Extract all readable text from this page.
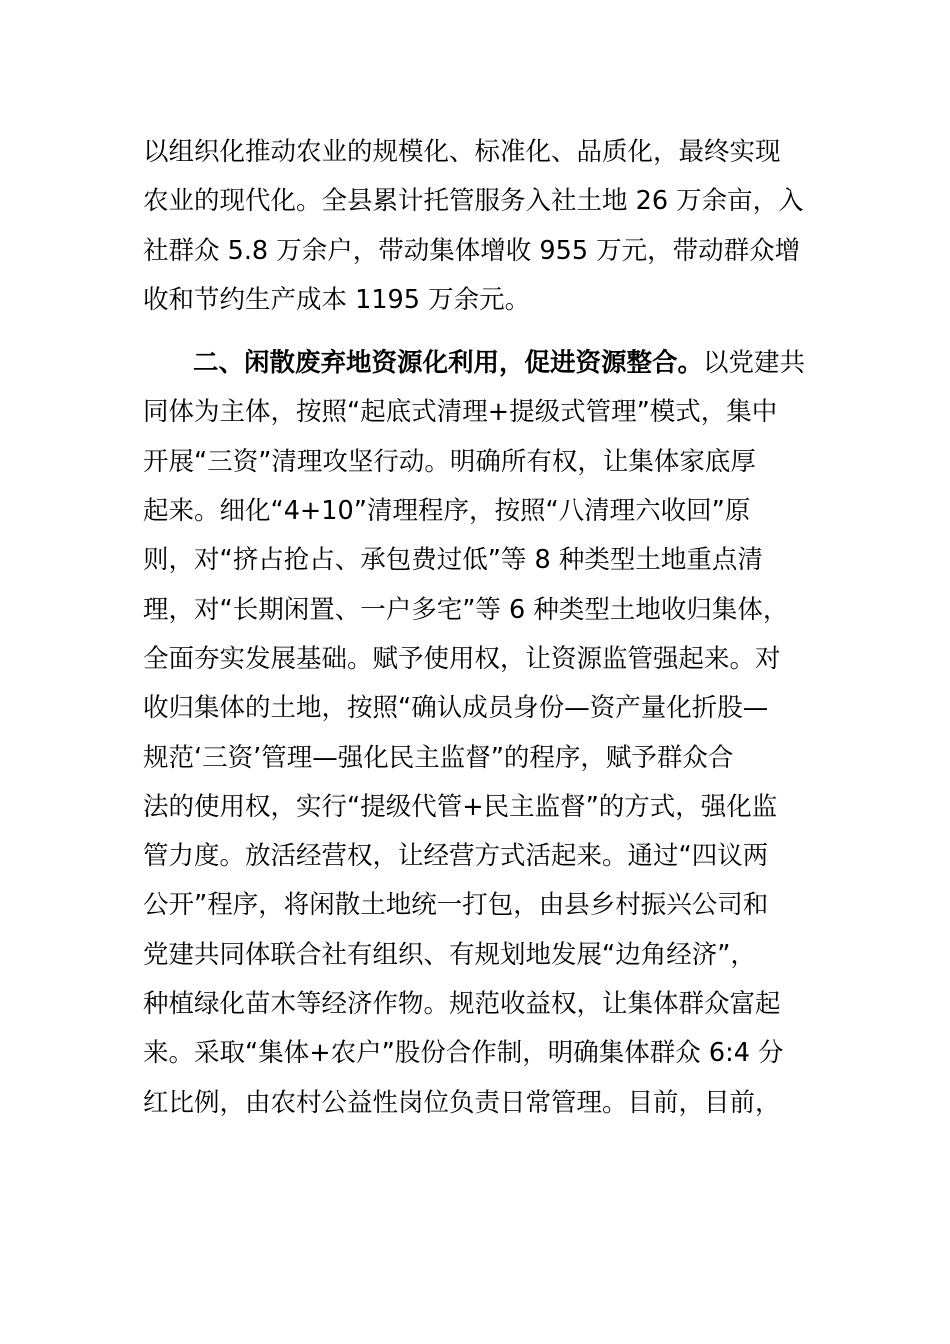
以组织化推动农业的规模化、标准化、品质化，最终实现
农业的现代化。全县累计托管服务入社土地 26 万余亩，入
社群众 5.8 万余户，带动集体增收 955 万元，带动群众增
收和节约生产成本 1195 万余元。
二、闲散废弃地资源化利用，促进资源整合。以党建共
同体为主体，按照“起底式清理+提级式管理”模式，集中
开展“三资”清理攻坚行动。明确所有权，让集体家底厚
起来。细化“4+10”清理程序，按照“八清理六收回”原
则，对“挤占抢占、承包费过低”等 8 种类型土地重点清
理，对“长期闲置、一户多宅”等 6 种类型土地收归集体，
全面夯实发展基础。赋予使用权，让资源监管强起来。对
收归集体的土地，按照“确认成员身份—资产量化折股—
规范‘三资’管理—强化民主监督”的程序，赋予群众合
法的使用权，实行“提级代管+民主监督”的方式，强化监
管力度。放活经营权，让经营方式活起来。通过“四议两
公开”程序，将闲散土地统一打包，由县乡村振兴公司和
党建共同体联合社有组织、有规划地发展“边角经济”，
种植绿化苗木等经济作物。规范收益权，让集体群众富起
来。采取“集体+农户”股份合作制，明确集体群众 6:4 分
红比例，由农村公益性岗位负责日常管理。目前，目前，
